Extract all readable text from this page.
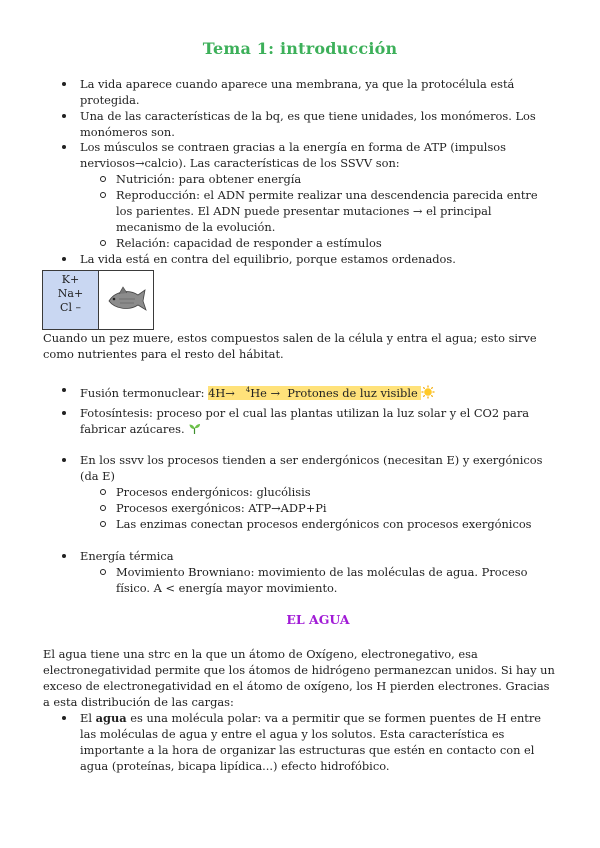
Tema 1: introducción
La vida aparece cuando aparece una membrana, ya que la protocélula está protegida.
Una de las características de la bq, es que tiene unidades, los monómeros. Los monómeros son.
Los músculos se contraen gracias a la energía en forma de ATP (impulsos nerviosos→calcio). Las características de los SSVV son:
Nutrición: para obtener energía
Reproducción: el ADN permite realizar una descendencia parecida entre los parientes. El ADN puede presentar mutaciones → el principal mecanismo de la evolución.
Relación: capacidad de responder a estímulos
La vida está en contra del equilibrio, porque estamos ordenados.
K+
Na+
Cl –
Cuando un pez muere, estos compuestos salen de la célula y entra el agua; esto sirve como nutrientes para el resto del hábitat.
Fusión termonuclear: 4H→ $^4$He → Protones de luz visible
Fotosíntesis: proceso por el cual las plantas utilizan la luz solar y el CO2 para fabricar azúcares.
En los ssvv los procesos tienden a ser endergónicos (necesitan E) y exergónicos (da E)
Procesos endergónicos: glucólisis
Procesos exergónicos: ATP→ADP+Pi
Las enzimas conectan procesos endergónicos con procesos exergónicos
Energía térmica
Movimiento Browniano: movimiento de las moléculas de agua. Proceso físico. A < energía mayor movimiento.
EL AGUA
El agua tiene una strc en la que un átomo de Oxígeno, electronegativo, esa electronegatividad permite que los átomos de hidrógeno permanezcan unidos. Si hay un exceso de electronegatividad en el átomo de oxígeno, los H pierden electrones. Gracias a esta distribución de las cargas:
El agua es una molécula polar: va a permitir que se formen puentes de H entre las moléculas de agua y entre el agua y los solutos. Esta característica es importante a la hora de organizar las estructuras que estén en contacto con el agua (proteínas, bicapa lipídica...) efecto hidrofóbico.
